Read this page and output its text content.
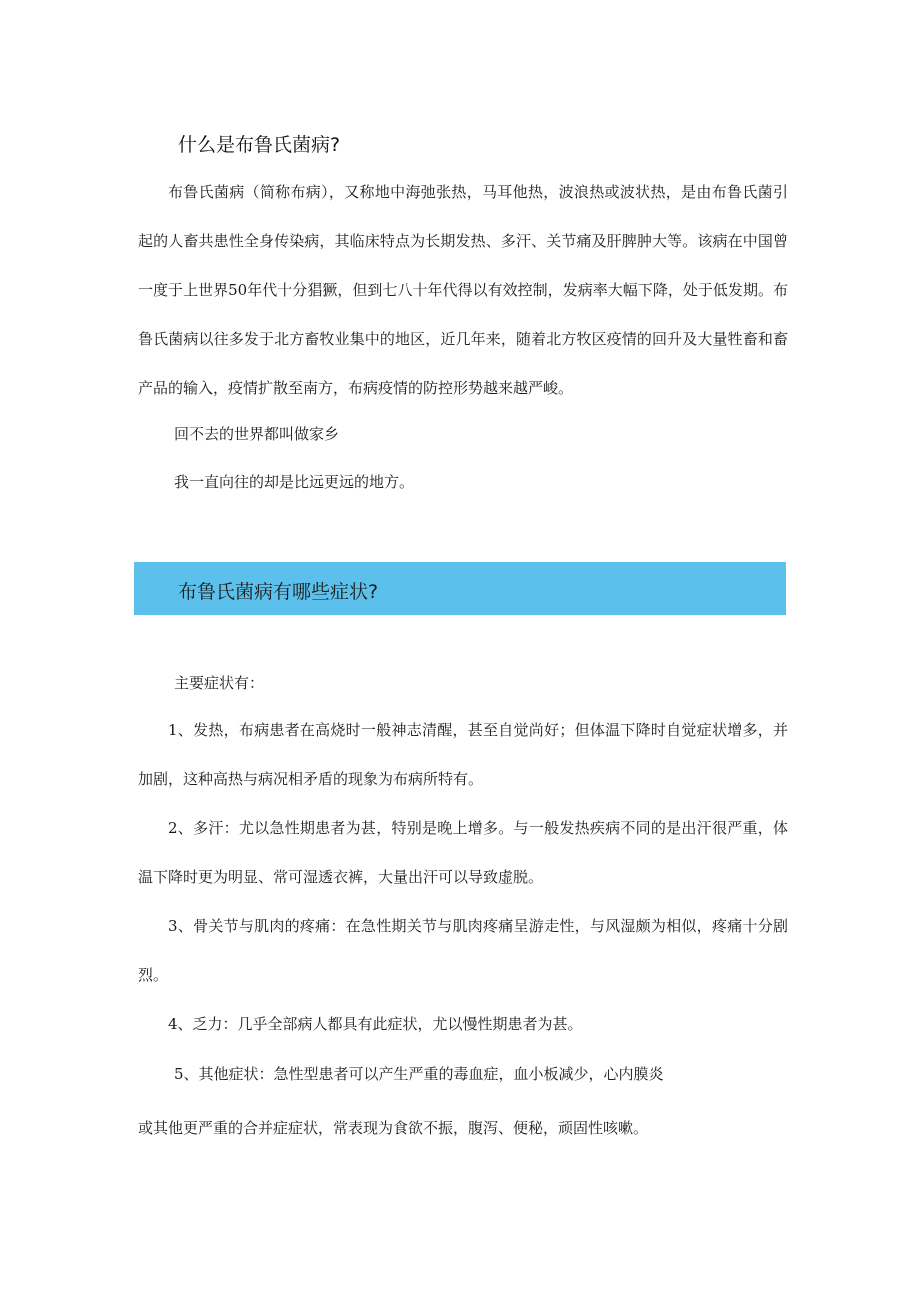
什么是布鲁氏菌病?

布鲁氏菌病（简称布病），又称地中海弛张热，马耳他热，波浪热或波状热，是由布鲁氏菌引起的人畜共患性全身传染病，其临床特点为长期发热、多汗、关节痛及肝脾肿大等。该病在中国曾一度于上世界50年代十分猖獗，但到七八十年代得以有效控制，发病率大幅下降，处于低发期。布鲁氏菌病以往多发于北方畜牧业集中的地区，近几年来，随着北方牧区疫情的回升及大量牲畜和畜产品的输入，疫情扩散至南方，布病疫情的防控形势越来越严峻。

回不去的世界都叫做家乡
我一直向往的却是比远更远的地方。
布鲁氏菌病有哪些症状?
主要症状有：

1、发热，布病患者在高烧时一般神志清醒，甚至自觉尚好；但体温下降时自觉症状增多，并加剧，这种高热与病况相矛盾的现象为布病所特有。

2、多汗：尤以急性期患者为甚，特别是晚上增多。与一般发热疾病不同的是出汗很严重，体温下降时更为明显、常可湿透衣裤，大量出汗可以导致虚脱。

3、骨关节与肌肉的疼痛：在急性期关节与肌肉疼痛呈游走性，与风湿颇为相似，疼痛十分剧烈。

4、乏力：几乎全部病人都具有此症状，尤以慢性期患者为甚。

5、其他症状：急性型患者可以产生严重的毒血症，血小板减少，心内膜炎
或其他更严重的合并症症状，常表现为食欲不振，腹泻、便秘，顽固性咳嗽。
